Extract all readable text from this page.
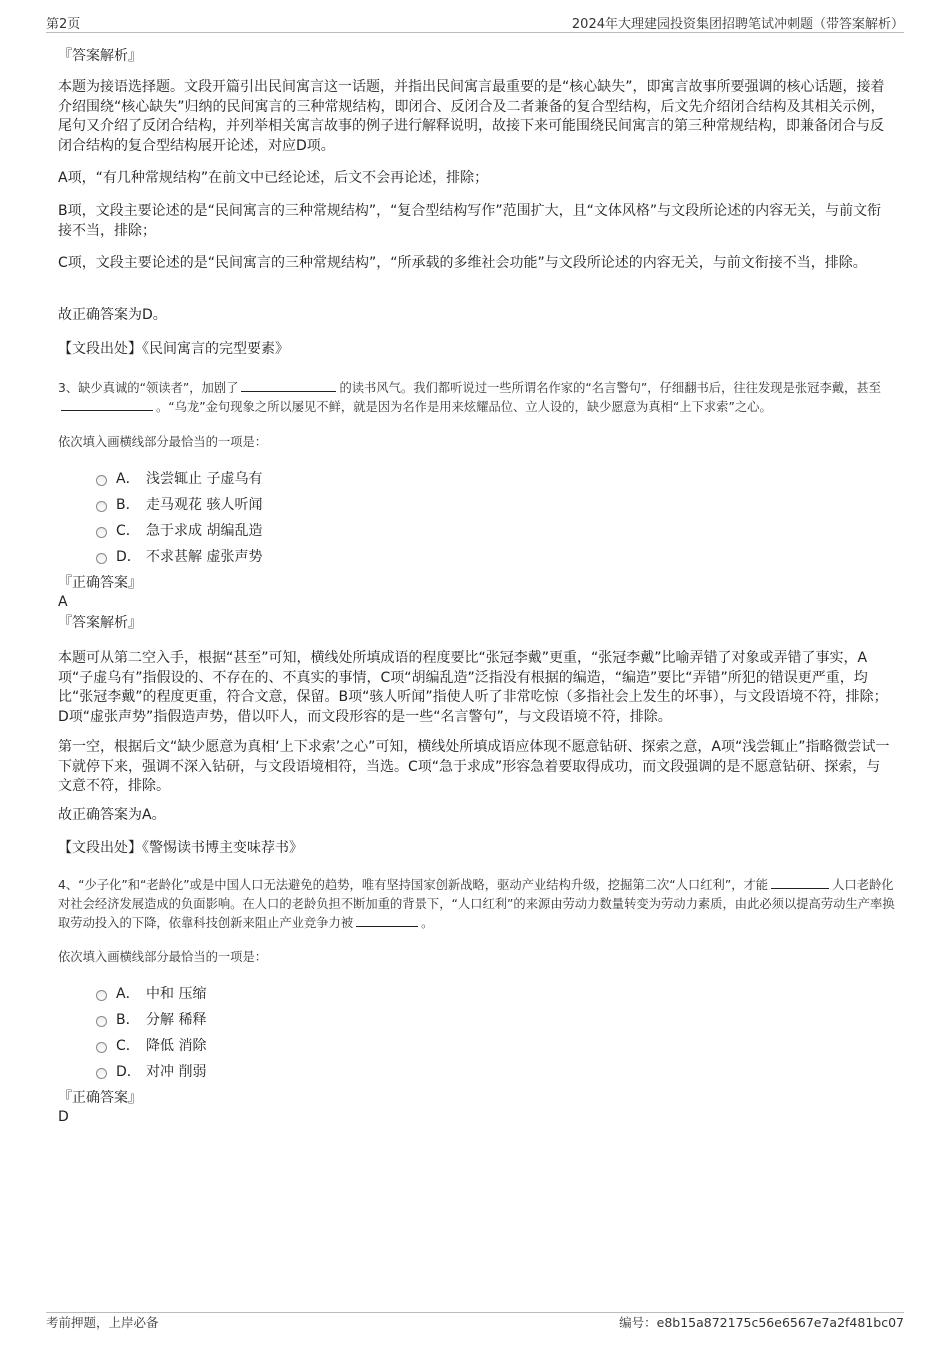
第2页	2024年大理建园投资集团招聘笔试冲刺题（带答案解析）

『答案解析』

本题为接语选择题。文段开篇引出民间寓言这一话题，并指出民间寓言最重要的是“核心缺失”，即寓言故事所要强调的核心话题，接着介绍围绕“核心缺失”归纳的民间寓言的三种常规结构，即闭合、反闭合及二者兼备的复合型结构，后文先介绍闭合结构及其相关示例，尾句又介绍了反闭合结构，并列举相关寓言故事的例子进行解释说明，故接下来可能围绕民间寓言的第三种常规结构，即兼备闭合与反闭合结构的复合型结构展开论述，对应D项。

A项，“有几种常规结构”在前文中已经论述，后文不会再论述，排除；

B项，文段主要论述的是“民间寓言的三种常规结构”，“复合型结构写作”范围扩大，且“文体风格”与文段所论述的内容无关，与前文衔接不当，排除；

C项，文段主要论述的是“民间寓言的三种常规结构”，“所承载的多维社会功能”与文段所论述的内容无关，与前文衔接不当，排除。

故正确答案为D。

【文段出处】《民间寓言的完型要素》

3、缺少真诚的“领读者”，加剧了	的读书风气。我们都听说过一些所谓名作家的“名言警句”，仔细翻书后，往往发现是张冠李戴，甚至。“乌龙”金句现象之所以屡见不鲜，就是因为名作是用来炫耀品位、立人设的，缺少愿意为真相“上下求索”之心。

依次填入画横线部分最恰当的一项是：

A． 浅尝辄止 子虚乌有
B． 走马观花 骇人听闻
C． 急于求成 胡编乱造
D． 不求甚解 虚张声势

『正确答案』

A

『答案解析』

本题可从第二空入手，根据“甚至”可知，横线处所填成语的程度要比“张冠李戴”更重，“张冠李戴”比喻弄错了对象或弄错了事实，A项“子虚乌有”指假设的、不存在的、不真实的事情，C项“胡编乱造”泛指没有根据的编造，“编造”要比“弄错”所犯的错误更严重，均比“张冠李戴”的程度更重，符合文意，保留。B项“骇人听闻”指使人听了非常吃惊（多指社会上发生的坏事），与文段语境不符，排除；D项“虚张声势”指假造声势，借以吓人，而文段形容的是一些“名言警句”，与文段语境不符，排除。

第一空，根据后文“缺少愿意为真相‘上下求索’之心”可知，横线处所填成语应体现不愿意钻研、探索之意，A项“浅尝辄止”指略微尝试一下就停下来，强调不深入钻研，与文段语境相符，当选。C项“急于求成”形容急着要取得成功，而文段强调的是不愿意钻研、探索，与文意不符，排除。

故正确答案为A。

【文段出处】《警惕读书博主变味荐书》

4、“少子化”和“老龄化”或是中国人口无法避免的趋势，唯有坚持国家创新战略，驱动产业结构升级，挖掘第二次“人口红利”，才能	人口老龄化对社会经济发展造成的负面影响。在人口的老龄负担不断加重的背景下，“人口红利”的来源由劳动力数量转变为劳动力素质，由此必须以提高劳动生产率换取劳动投入的下降，依靠科技创新来阻止产业竞争力被	。

依次填入画横线部分最恰当的一项是：

A． 中和 压缩
B． 分解 稀释
C． 降低 消除
D． 对冲 削弱

『正确答案』

D

考前押题，上岸必备	编号：e8b15a872175c56e6567e7a2f481bc07
